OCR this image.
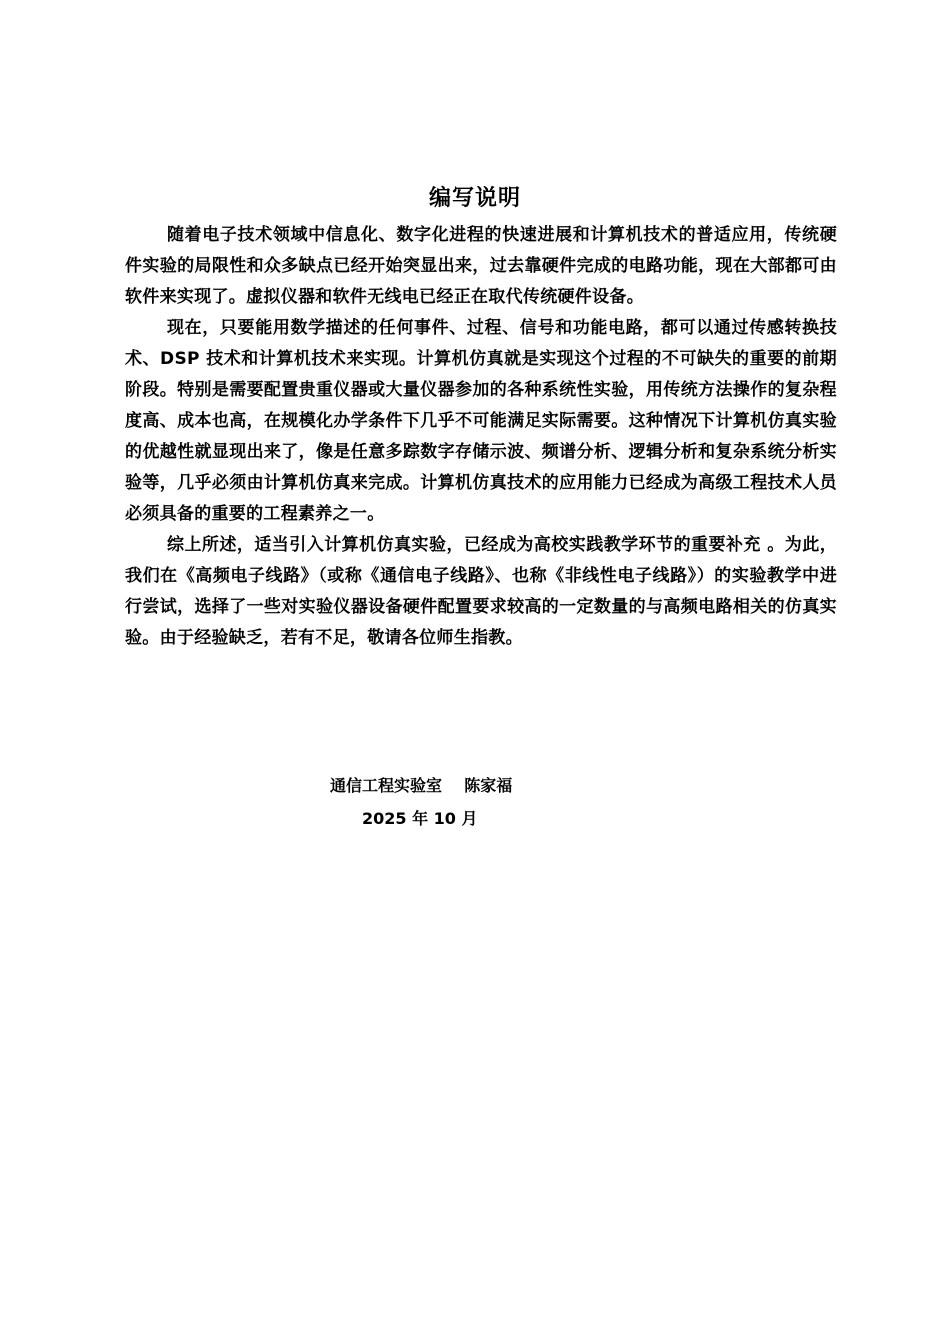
编写说明

随着电子技术领域中信息化、数字化进程的快速进展和计算机技术的普适应用，传统硬件实验的局限性和众多缺点已经开始突显出来，过去靠硬件完成的电路功能，现在大部都可由软件来实现了。虚拟仪器和软件无线电已经正在取代传统硬件设备。

现在，只要能用数学描述的任何事件、过程、信号和功能电路，都可以通过传感转换技术、DSP 技术和计算机技术来实现。计算机仿真就是实现这个过程的不可缺失的重要的前期阶段。特别是需要配置贵重仪器或大量仪器参加的各种系统性实验，用传统方法操作的复杂程度高、成本也高，在规模化办学条件下几乎不可能满足实际需要。这种情况下计算机仿真实验的优越性就显现出来了，像是任意多踪数字存储示波、频谱分析、逻辑分析和复杂系统分析实验等，几乎必须由计算机仿真来完成。计算机仿真技术的应用能力已经成为高级工程技术人员必须具备的重要的工程素养之一。

综上所述，适当引入计算机仿真实验，已经成为高校实践教学环节的重要补充 。为此，我们在《高频电子线路》（或称《通信电子线路》、也称《非线性电子线路》）的实验教学中进行尝试，选择了一些对实验仪器设备硬件配置要求较高的一定数量的与高频电路相关的仿真实验。由于经验缺乏，若有不足，敬请各位师生指教。

通信工程实验室    陈家福
2025 年 10 月
